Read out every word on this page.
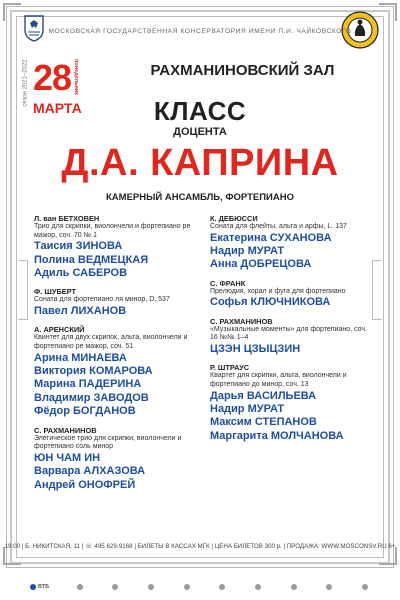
МОСКОВСКАЯ ГОСУДАРСТВЕННАЯ КОНСЕРВАТОРИЯ ИМЕНИ П.И. ЧАЙКОВСКОГО
сезон 2021–2022 28 понедельник
МАРТА
РАХМАНИНОВСКИЙ ЗАЛ
КЛАСС
ДОЦЕНТА
Д.А. КАПРИНА
КАМЕРНЫЙ АНСАМБЛЬ, ФОРТЕПИАНО
Л. ван БЕТХОВЕН
Трио для скрипки, виолончели и фортепиано ре мажор, соч. 70 № 1
Таисия ЗИНОВА
Полина ВЕДМЕЦКАЯ
Адиль САБЕРОВ
Ф. ШУБЕРТ
Соната для фортепиано ля минор, D. 537
Павел ЛИХАНОВ
А. АРЕНСКИЙ
Квинтет для двух скрипок, альта, виолончели и фортепиано ре мажор, соч. 51
Арина МИНАЕВА
Виктория КОМАРОВА
Марина ПАДЕРИНА
Владимир ЗАВОДОВ
Фёдор БОГДАНОВ
С. РАХМАНИНОВ
Элегическое трио для скрипки, виолончели и фортепиано соль минор
ЮН ЧАМ ИН
Варвара АЛХАЗОВА
Андрей ОНОФРЕЙ
К. ДЕБЮССИ
Соната для флейты, альта и арфы, L. 137
Екатерина СУХАНОВА
Надир МУРАТ
Анна ДОБРЕЦОВА
С. ФРАНК
Прелюдия, хорал и фуга для фортепиано
Софья КЛЮЧНИКОВА
С. РАХМАНИНОВ
«Музыкальные моменты» для фортепиано, соч. 16 №№ 1–4
ЦЗЭН ЦЗЫЦЗИН
Р. ШТРАУС
Квартет для скрипки, альта, виолончели и фортепиано до минор, соч. 13
Дарья ВАСИЛЬЕВА
Надир МУРАТ
Максим СТЕПАНОВ
Маргарита МОЛЧАНОВА
19:00 | Б. НИКИТСКАЯ, 11 | ☏ 495 629-9168 | БИЛЕТЫ В КАССАХ МГК | ЦЕНА БИЛЕТОВ 300 р. | ПРОДАЖА: WWW.MOSCONSV.RU 6+
ВТБ
